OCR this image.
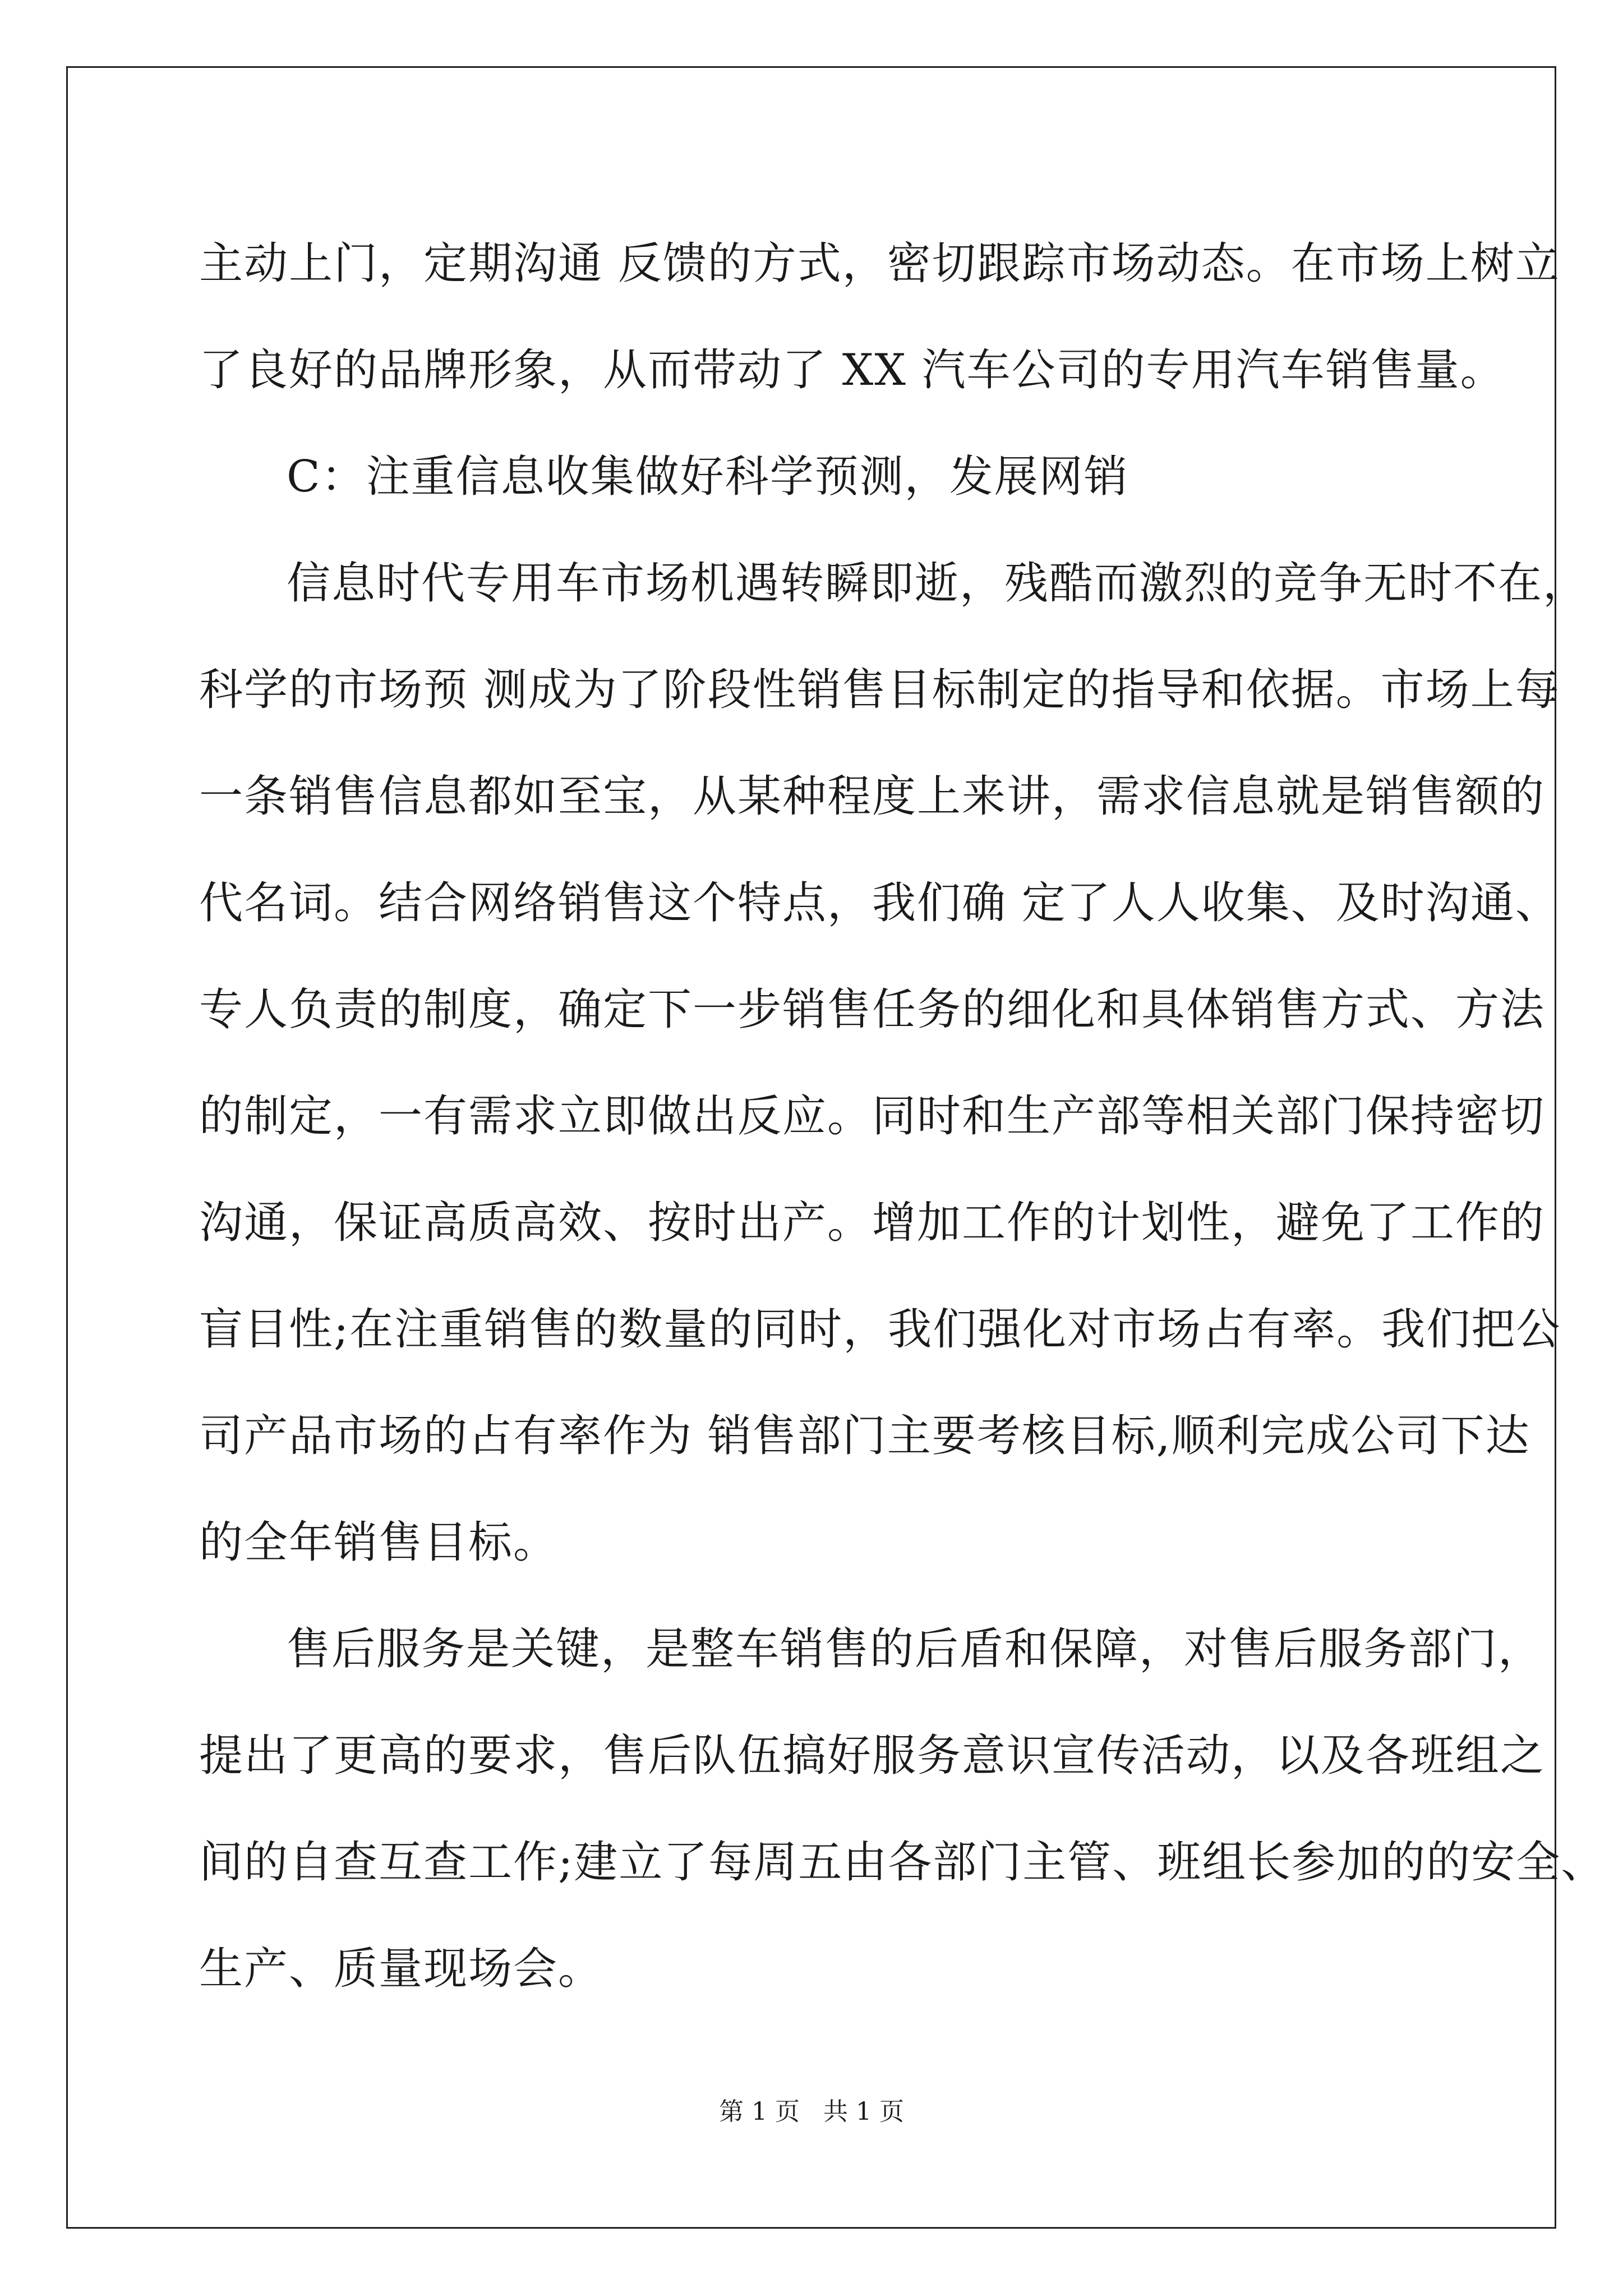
主动上门，定期沟通 反馈的方式，密切跟踪市场动态。在市场上树立
了良好的品牌形象，从而带动了 XX 汽车公司的专用汽车销售量。
C：注重信息收集做好科学预测，发展网销
信息时代专用车市场机遇转瞬即逝，残酷而激烈的竞争无时不在，
科学的市场预 测成为了阶段性销售目标制定的指导和依据。市场上每
一条销售信息都如至宝，从某种程度上来讲，需求信息就是销售额的
代名词。结合网络销售这个特点，我们确 定了人人收集、及时沟通、
专人负责的制度，确定下一步销售任务的细化和具体销售方式、方法
的制定，一有需求立即做出反应。同时和生产部等相关部门保持密切
沟通，保证高质高效、按时出产。增加工作的计划性，避免了工作的
盲目性;在注重销售的数量的同时，我们强化对市场占有率。我们把公
司产品市场的占有率作为 销售部门主要考核目标,顺利完成公司下达
的全年销售目标。
售后服务是关键，是整车销售的后盾和保障，对售后服务部门，
提出了更高的要求，售后队伍搞好服务意识宣传活动，以及各班组之
间的自查互查工作;建立了每周五由各部门主管、班组长参加的的安全、
生产、质量现场会。
第 1 页   共 1 页
